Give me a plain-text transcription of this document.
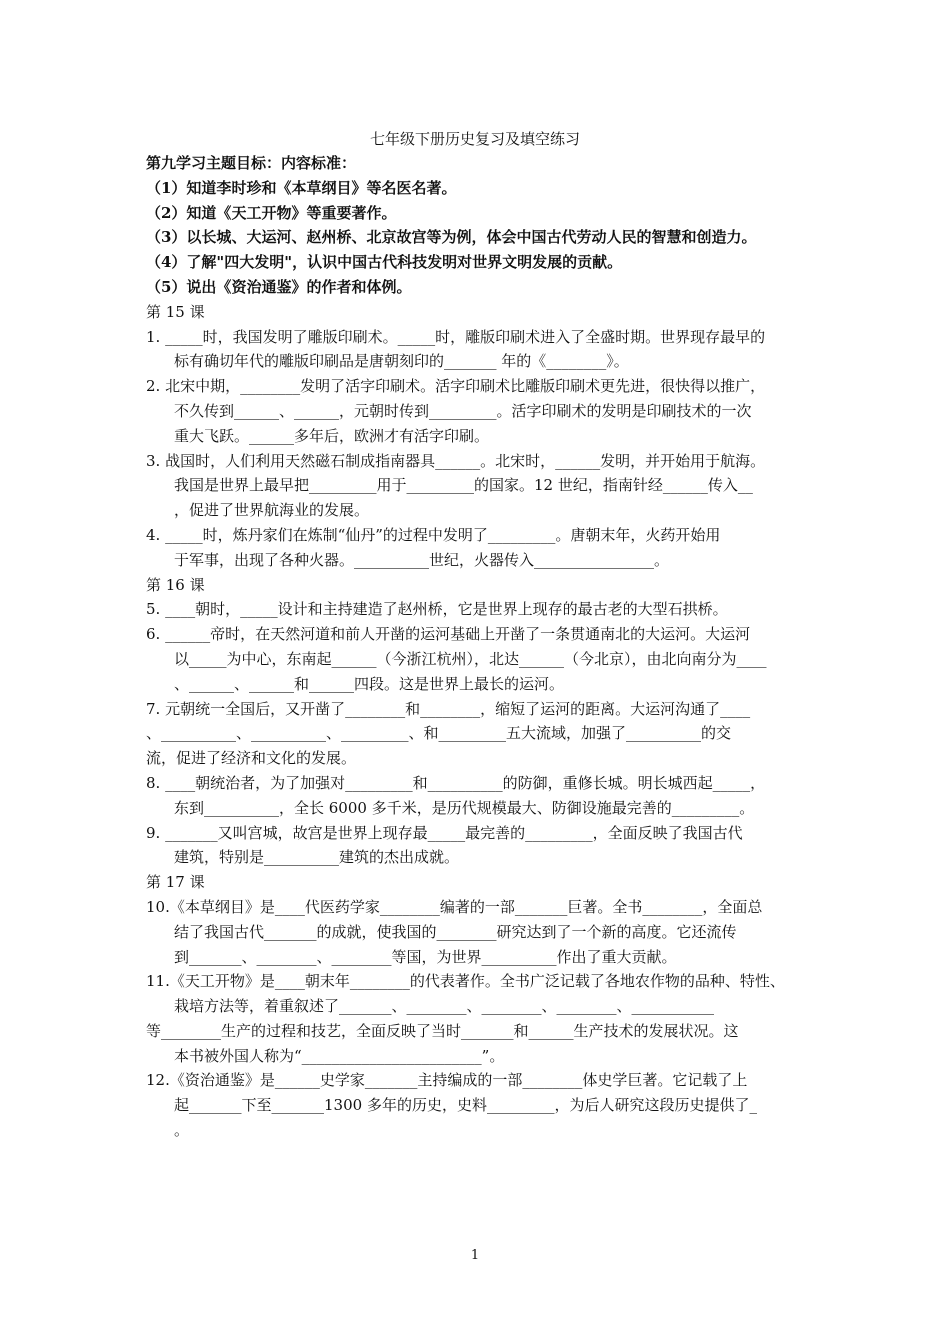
七年级下册历史复习及填空练习
第九学习主题目标：内容标准：
（1）知道李时珍和《本草纲目》等名医名著。
（2）知道《天工开物》等重要著作。
（3）以长城、大运河、赵州桥、北京故宫等为例，体会中国古代劳动人民的智慧和创造力。
（4）了解"四大发明"，认识中国古代科技发明对世界文明发展的贡献。
（5）说出《资治通鉴》的作者和体例。
第 15 课
1. _____时，我国发明了雕版印刷术。_____时，雕版印刷术进入了全盛时期。世界现存最早的
标有确切年代的雕版印刷品是唐朝刻印的_______ 年的《________》。
2. 北宋中期，________发明了活字印刷术。活字印刷术比雕版印刷术更先进，很快得以推广，
不久传到______、______，元朝时传到_________。活字印刷术的发明是印刷技术的一次
重大飞跃。______多年后，欧洲才有活字印刷。
3. 战国时，人们利用天然磁石制成指南器具______。北宋时，______发明，并开始用于航海。
我国是世界上最早把_________用于_________的国家。12 世纪，指南针经______传入__
，促进了世界航海业的发展。
4. _____时，炼丹家们在炼制“仙丹”的过程中发明了_________。唐朝末年，火药开始用
于军事，出现了各种火器。__________世纪，火器传入________________。
第 16 课
5. ____朝时，_____设计和主持建造了赵州桥，它是世界上现存的最古老的大型石拱桥。
6. ______帝时，在天然河道和前人开凿的运河基础上开凿了一条贯通南北的大运河。大运河
以_____为中心，东南起______（今浙江杭州），北达______（今北京），由北向南分为____
、______、______和______四段。这是世界上最长的运河。
7. 元朝统一全国后，又开凿了________和________，缩短了运河的距离。大运河沟通了____
、__________、__________、_________、和_________五大流域，加强了__________的交
流，促进了经济和文化的发展。
8. ____朝统治者，为了加强对_________和__________的防御，重修长城。明长城西起_____，
东到__________，全长 6000 多千米，是历代规模最大、防御设施最完善的_________。
9. _______又叫宫城，故宫是世界上现存最_____最完善的_________，全面反映了我国古代
建筑，特别是__________建筑的杰出成就。
第 17 课
10.《本草纲目》是____代医药学家________编著的一部_______巨著。全书________，全面总
结了我国古代_______的成就，使我国的________研究达到了一个新的高度。它还流传
到_______、________、________等国，为世界__________作出了重大贡献。
11.《天工开物》是____朝末年________的代表著作。全书广泛记载了各地农作物的品种、特性、
栽培方法等，着重叙述了_______、________、________、________、___________
等________生产的过程和技艺，全面反映了当时_______和______生产技术的发展状况。这
本书被外国人称为“________________________”。
12.《资治通鉴》是______史学家_______主持编成的一部________体史学巨著。它记载了上
起_______下至_______1300 多年的历史，史料_________，为后人研究这段历史提供了_
。
1
